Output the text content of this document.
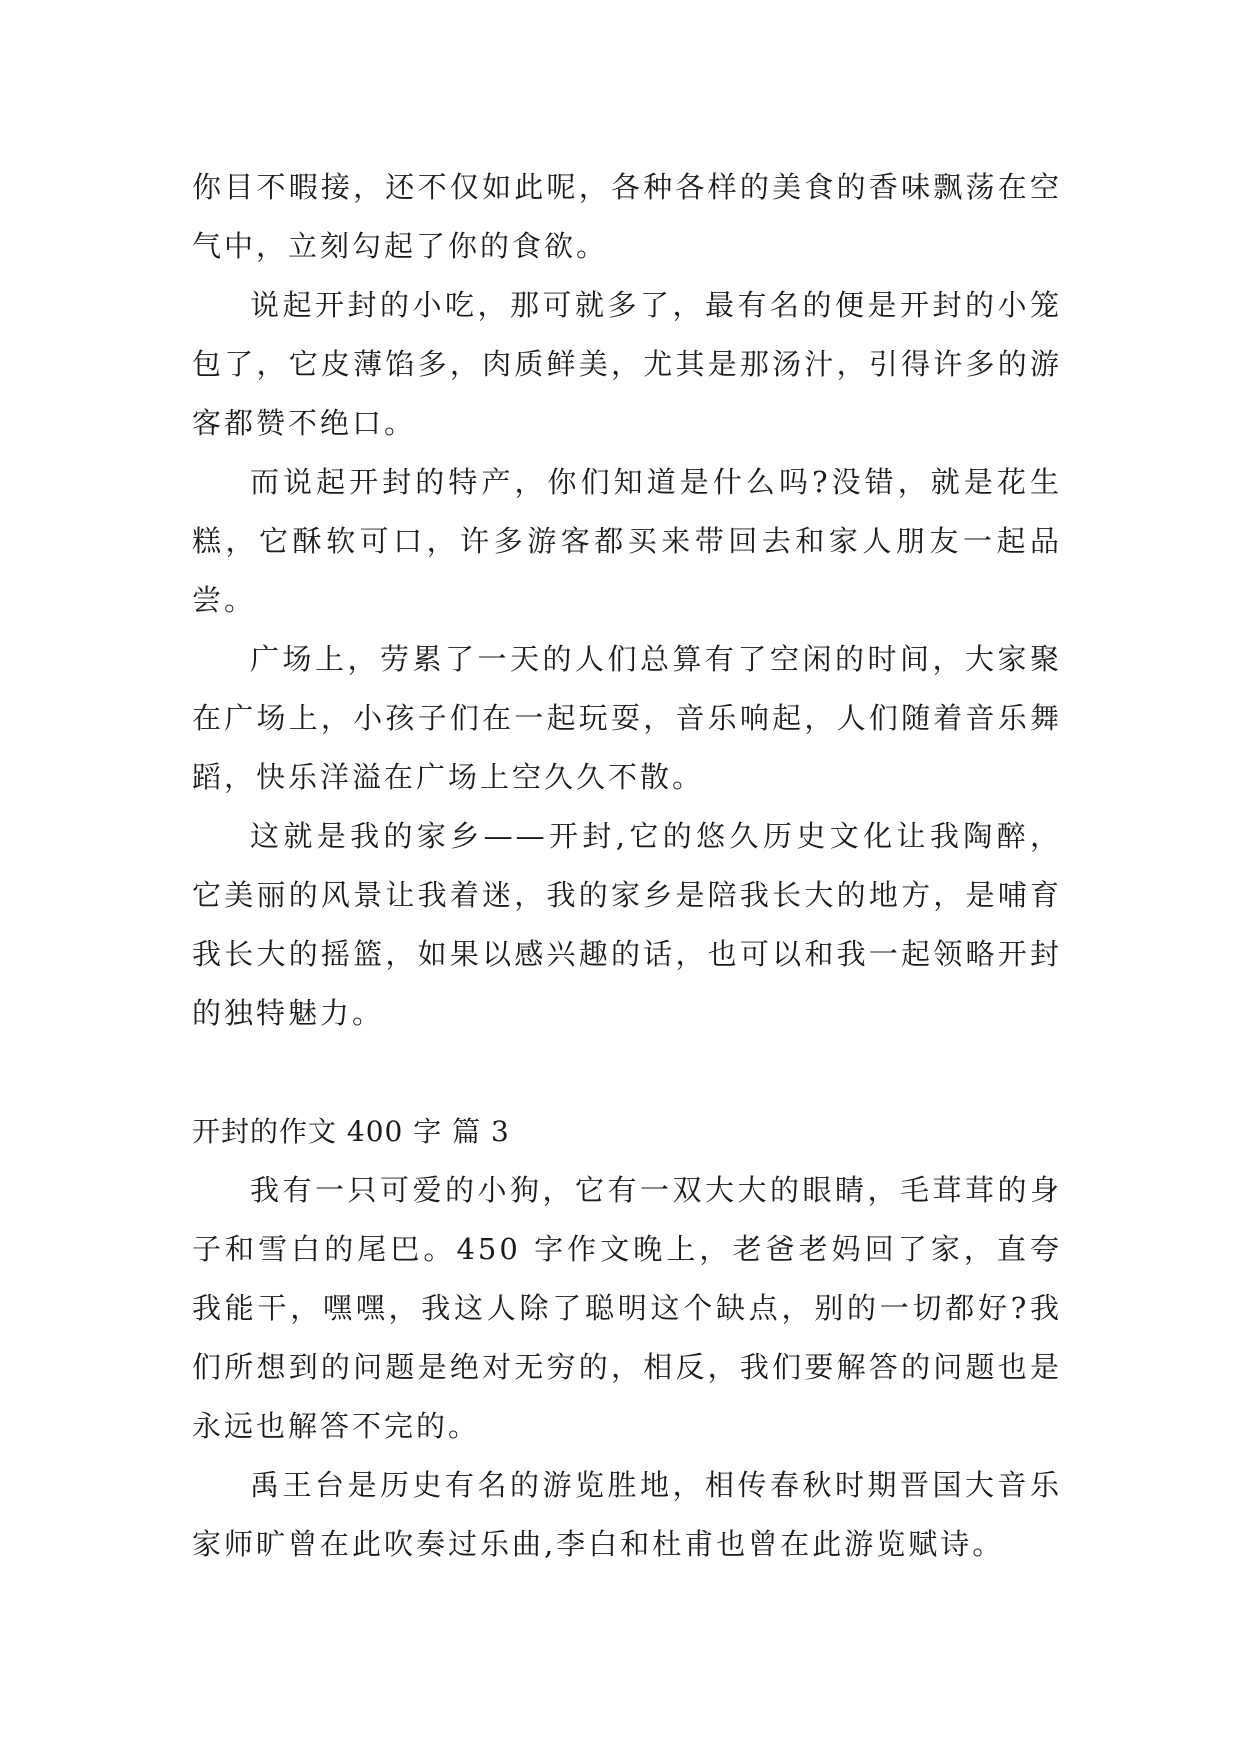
你目不暇接，还不仅如此呢，各种各样的美食的香味飘荡在空气中，立刻勾起了你的食欲。

说起开封的小吃，那可就多了，最有名的便是开封的小笼包了，它皮薄馅多，肉质鲜美，尤其是那汤汁，引得许多的游客都赞不绝口。

而说起开封的特产，你们知道是什么吗?没错，就是花生糕，它酥软可口，许多游客都买来带回去和家人朋友一起品尝。

广场上，劳累了一天的人们总算有了空闲的时间，大家聚在广场上，小孩子们在一起玩耍，音乐响起，人们随着音乐舞蹈，快乐洋溢在广场上空久久不散。

这就是我的家乡——开封,它的悠久历史文化让我陶醉，它美丽的风景让我着迷，我的家乡是陪我长大的地方，是哺育我长大的摇篮，如果以感兴趣的话，也可以和我一起领略开封的独特魅力。

开封的作文 400 字 篇 3

我有一只可爱的小狗，它有一双大大的眼睛，毛茸茸的身子和雪白的尾巴。450 字作文晚上，老爸老妈回了家，直夸我能干，嘿嘿，我这人除了聪明这个缺点，别的一切都好?我们所想到的问题是绝对无穷的，相反，我们要解答的问题也是永远也解答不完的。

禹王台是历史有名的游览胜地，相传春秋时期晋国大音乐家师旷曾在此吹奏过乐曲,李白和杜甫也曾在此游览赋诗。
